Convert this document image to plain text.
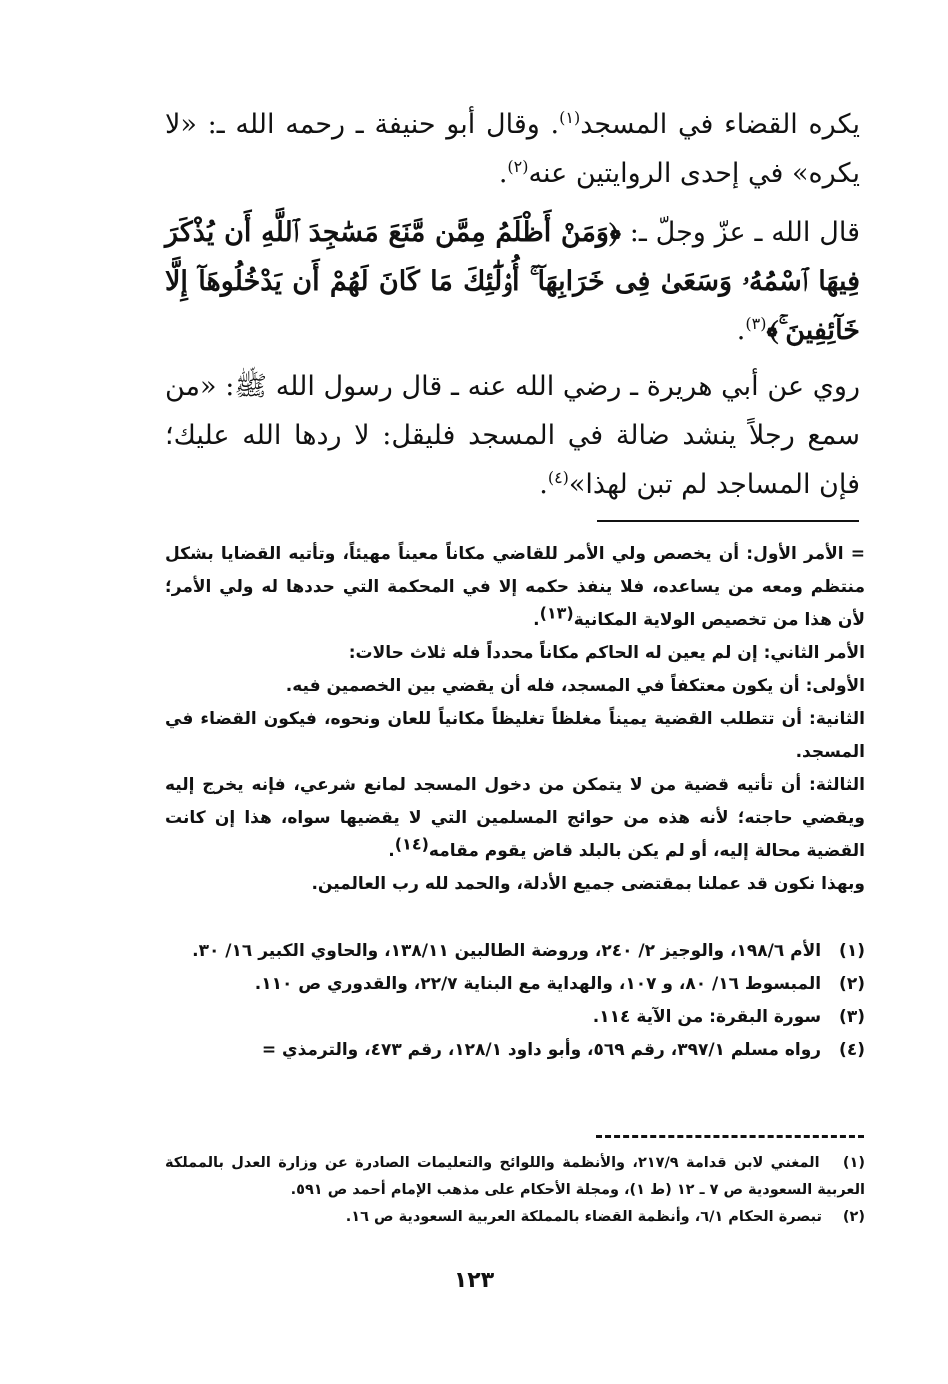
يكره القضاء في المسجد$^{(١)}$. وقال أبو حنيفة ـ رحمه الله ـ: «لا يكره» في إحدى الروايتين عنه$^{(٢)}$.
قال الله ـ عزّ وجلّ ـ: ﴿وَمَنْ أَظْلَمُ مِمَّن مَّنَعَ مَسَٰجِدَ ٱللَّهِ أَن يُذْكَرَ فِيهَا ٱسْمُهُۥ وَسَعَىٰ فِى خَرَابِهَآ ۚ أُو۟لَٰٓئِكَ مَا كَانَ لَهُمْ أَن يَدْخُلُوهَآ إِلَّا خَآئِفِينَ ۚ﴾$^{(٣)}$.
روي عن أبي هريرة ـ رضي الله عنه ـ قال رسول الله ﷺ: «من سمع رجلاً ينشد ضالة في المسجد فليقل: لا ردها الله عليك؛ فإن المساجد لم تبن لهذا»$^{(٤)}$.
= الأمر الأول: أن يخصص ولي الأمر للقاضي مكاناً معيناً مهيئاً، وتأتيه القضايا بشكل منتظم ومعه من يساعده، فلا ينفذ حكمه إلا في المحكمة التي حددها له ولي الأمر؛ لأن هذا من تخصيص الولاية المكانية(١٣).
الأمر الثاني: إن لم يعين له الحاكم مكاناً محدداً فله ثلاث حالات:
الأولى: أن يكون معتكفاً في المسجد، فله أن يقضي بين الخصمين فيه.
الثانية: أن تتطلب القضية يميناً مغلظاً تغليظاً مكانياً للعان ونحوه، فيكون القضاء في المسجد.
الثالثة: أن تأتيه قضية من لا يتمكن من دخول المسجد لمانع شرعي، فإنه يخرج إليه ويقضي حاجته؛ لأنه هذه من حوائج المسلمين التي لا يقضيها سواه، هذا إن كانت القضية محالة إليه، أو لم يكن بالبلد قاض يقوم مقامه(١٤).
وبهذا نكون قد عملنا بمقتضى جميع الأدلة، والحمد لله رب العالمين.
(١) الأم ١٩٨/٦، والوجيز ٢/ ٢٤٠، وروضة الطالبين ١٣٨/١١، والحاوي الكبير ١٦/ ٣٠.
(٢) المبسوط ١٦/ ٨٠، و ١٠٧، والهداية مع البناية ٢٢/٧، والقدوري ص ١١٠.
(٣) سورة البقرة: من الآية ١١٤.
(٤) رواه مسلم ٣٩٧/١، رقم ٥٦٩، وأبو داود ١٢٨/١، رقم ٤٧٣، والترمذي =
(١) المغني لابن قدامة ٢١٧/٩، والأنظمة واللوائح والتعليمات الصادرة عن وزارة العدل بالمملكة العربية السعودية ص ٧ ـ ١٢ (ط ١)، ومجلة الأحكام على مذهب الإمام أحمد ص ٥٩١.
(٢) تبصرة الحكام ٦/١، وأنظمة القضاء بالمملكة العربية السعودية ص ١٦.
١٢٣
